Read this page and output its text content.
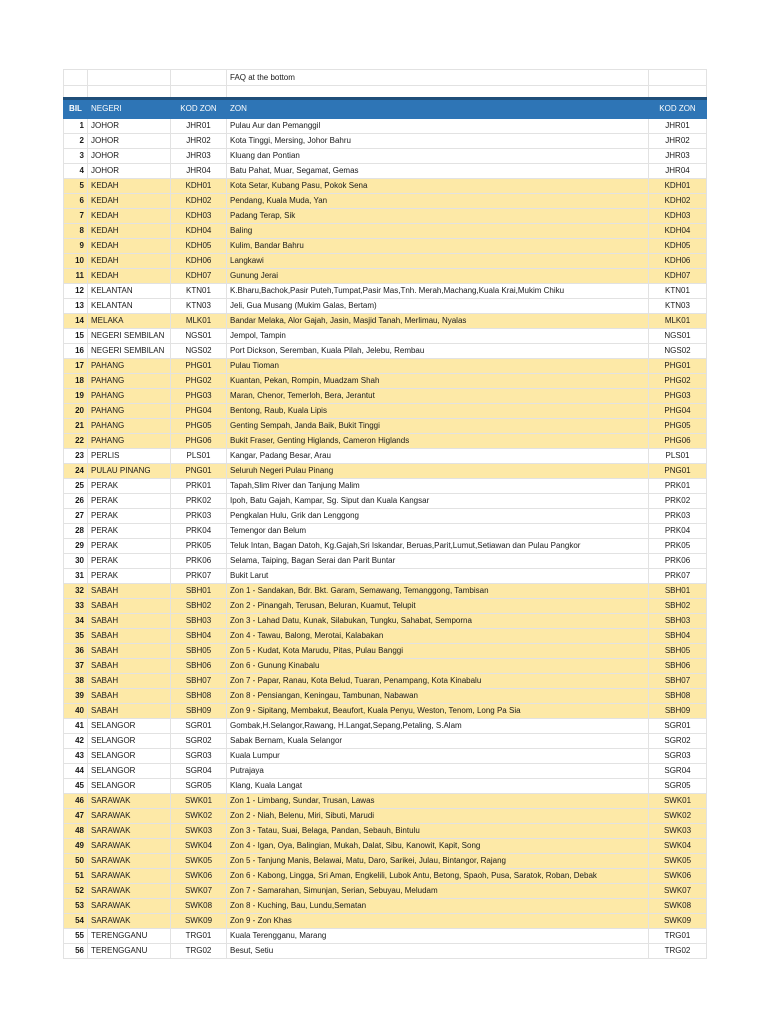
			FAQ at the bottom	

BIL	NEGERI	KOD ZON	ZON	KOD ZON
1	JOHOR	JHR01	Pulau Aur dan Pemanggil	JHR01
2	JOHOR	JHR02	Kota Tinggi, Mersing, Johor Bahru	JHR02
3	JOHOR	JHR03	Kluang dan Pontian	JHR03
4	JOHOR	JHR04	Batu Pahat, Muar, Segamat, Gemas	JHR04
5	KEDAH	KDH01	Kota Setar, Kubang Pasu, Pokok Sena	KDH01
6	KEDAH	KDH02	Pendang, Kuala Muda, Yan	KDH02
7	KEDAH	KDH03	Padang Terap, Sik	KDH03
8	KEDAH	KDH04	Baling	KDH04
9	KEDAH	KDH05	Kulim, Bandar Bahru	KDH05
10	KEDAH	KDH06	Langkawi	KDH06
11	KEDAH	KDH07	Gunung Jerai	KDH07
12	KELANTAN	KTN01	K.Bharu,Bachok,Pasir Puteh,Tumpat,Pasir Mas,Tnh. Merah,Machang,Kuala Krai,Mukim Chiku	KTN01
13	KELANTAN	KTN03	Jeli, Gua Musang (Mukim Galas, Bertam)	KTN03
14	MELAKA	MLK01	Bandar Melaka, Alor Gajah, Jasin, Masjid Tanah, Merlimau, Nyalas	MLK01
15	NEGERI SEMBILAN	NGS01	Jempol, Tampin	NGS01
16	NEGERI SEMBILAN	NGS02	Port Dickson, Seremban, Kuala Pilah, Jelebu, Rembau	NGS02
17	PAHANG	PHG01	Pulau Tioman	PHG01
18	PAHANG	PHG02	Kuantan, Pekan, Rompin, Muadzam Shah	PHG02
19	PAHANG	PHG03	Maran, Chenor, Temerloh, Bera, Jerantut	PHG03
20	PAHANG	PHG04	Bentong, Raub, Kuala Lipis	PHG04
21	PAHANG	PHG05	Genting Sempah, Janda Baik, Bukit Tinggi	PHG05
22	PAHANG	PHG06	Bukit Fraser, Genting Higlands, Cameron Higlands	PHG06
23	PERLIS	PLS01	Kangar, Padang Besar, Arau	PLS01
24	PULAU PINANG	PNG01	Seluruh Negeri Pulau Pinang	PNG01
25	PERAK	PRK01	Tapah,Slim River dan Tanjung Malim	PRK01
26	PERAK	PRK02	Ipoh, Batu Gajah, Kampar, Sg. Siput dan Kuala Kangsar	PRK02
27	PERAK	PRK03	Pengkalan Hulu, Grik dan Lenggong	PRK03
28	PERAK	PRK04	Temengor dan Belum	PRK04
29	PERAK	PRK05	Teluk Intan, Bagan Datoh, Kg.Gajah,Sri Iskandar, Beruas,Parit,Lumut,Setiawan dan Pulau Pangkor	PRK05
30	PERAK	PRK06	Selama, Taiping, Bagan Serai dan Parit Buntar	PRK06
31	PERAK	PRK07	Bukit Larut	PRK07
32	SABAH	SBH01	Zon 1 - Sandakan, Bdr. Bkt. Garam, Semawang, Temanggong, Tambisan	SBH01
33	SABAH	SBH02	Zon 2 - Pinangah, Terusan, Beluran, Kuamut, Telupit	SBH02
34	SABAH	SBH03	Zon 3 - Lahad Datu, Kunak, Silabukan, Tungku, Sahabat, Semporna	SBH03
35	SABAH	SBH04	Zon 4 - Tawau, Balong, Merotai, Kalabakan	SBH04
36	SABAH	SBH05	Zon 5 - Kudat, Kota Marudu, Pitas, Pulau Banggi	SBH05
37	SABAH	SBH06	Zon 6 - Gunung Kinabalu	SBH06
38	SABAH	SBH07	Zon 7 - Papar, Ranau, Kota Belud, Tuaran, Penampang, Kota Kinabalu	SBH07
39	SABAH	SBH08	Zon 8 - Pensiangan, Keningau, Tambunan, Nabawan	SBH08
40	SABAH	SBH09	Zon 9 - Sipitang, Membakut, Beaufort, Kuala Penyu, Weston, Tenom, Long Pa Sia	SBH09
41	SELANGOR	SGR01	Gombak,H.Selangor,Rawang, H.Langat,Sepang,Petaling, S.Alam	SGR01
42	SELANGOR	SGR02	Sabak Bernam, Kuala Selangor	SGR02
43	SELANGOR	SGR03	Kuala Lumpur	SGR03
44	SELANGOR	SGR04	Putrajaya	SGR04
45	SELANGOR	SGR05	Klang, Kuala Langat	SGR05
46	SARAWAK	SWK01	Zon 1 - Limbang, Sundar, Trusan, Lawas	SWK01
47	SARAWAK	SWK02	Zon 2 - Niah, Belenu, Miri, Sibuti, Marudi	SWK02
48	SARAWAK	SWK03	Zon 3 - Tatau, Suai, Belaga, Pandan, Sebauh, Bintulu	SWK03
49	SARAWAK	SWK04	Zon 4 - Igan, Oya, Balingian, Mukah, Dalat, Sibu, Kanowit, Kapit, Song	SWK04
50	SARAWAK	SWK05	Zon 5 - Tanjung Manis, Belawai, Matu, Daro, Sarikei, Julau, Bintangor, Rajang	SWK05
51	SARAWAK	SWK06	Zon 6 - Kabong, Lingga, Sri Aman, Engkelili, Lubok Antu, Betong, Spaoh, Pusa, Saratok, Roban, Debak	SWK06
52	SARAWAK	SWK07	Zon 7 - Samarahan, Simunjan, Serian, Sebuyau, Meludam	SWK07
53	SARAWAK	SWK08	Zon 8 - Kuching, Bau, Lundu,Sematan	SWK08
54	SARAWAK	SWK09	Zon 9 - Zon Khas	SWK09
55	TERENGGANU	TRG01	Kuala Terengganu, Marang	TRG01
56	TERENGGANU	TRG02	Besut, Setiu	TRG02
